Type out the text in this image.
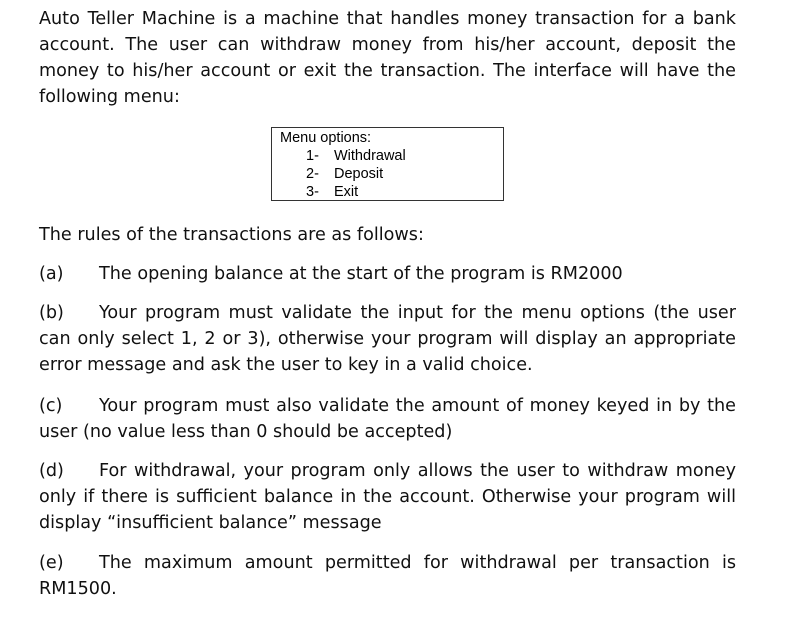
Auto Teller Machine is a machine that handles money transaction for a bank account. The user can withdraw money from his/her account, deposit the money to his/her account or exit the transaction. The interface will have the following menu:

Menu options:
1- Withdrawal
2- Deposit
3- Exit

The rules of the transactions are as follows:

(a) The opening balance at the start of the program is RM2000

(b) Your program must validate the input for the menu options (the user can only select 1, 2 or 3), otherwise your program will display an appropriate error message and ask the user to key in a valid choice.

(c) Your program must also validate the amount of money keyed in by the user (no value less than 0 should be accepted)

(d) For withdrawal, your program only allows the user to withdraw money only if there is sufficient balance in the account. Otherwise your program will display “insufficient balance” message

(e) The maximum amount permitted for withdrawal per transaction is RM1500.
